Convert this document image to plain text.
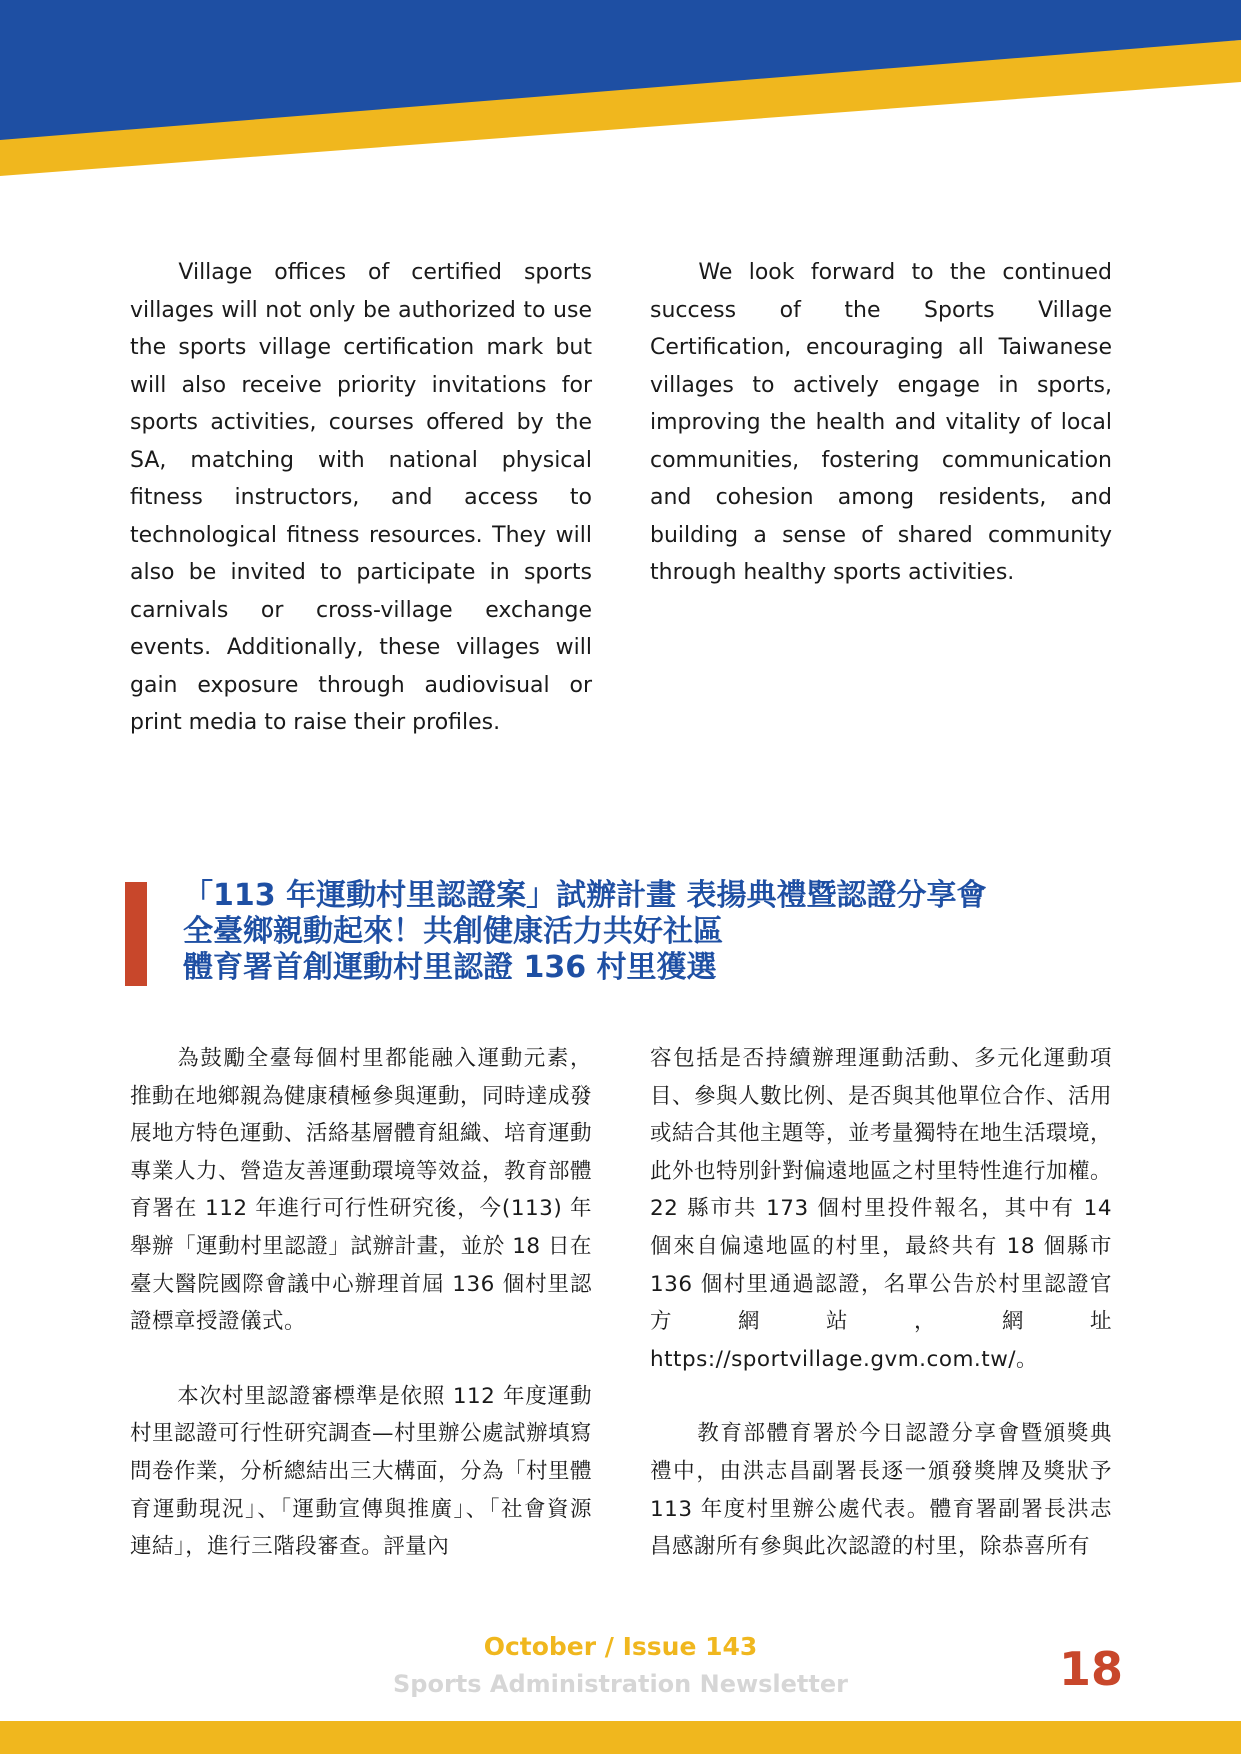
Village offices of certified sports villages will not only be authorized to use the sports village certification mark but will also receive priority invitations for sports activities, courses offered by the SA, matching with national physical fitness instructors, and access to technological fitness resources. They will also be invited to participate in sports carnivals or cross-village exchange events. Additionally, these villages will gain exposure through audiovisual or print media to raise their profiles.

We look forward to the continued success of the Sports Village Certification, encouraging all Taiwanese villages to actively engage in sports, improving the health and vitality of local communities, fostering communication and cohesion among residents, and building a sense of shared community through healthy sports activities.

「113 年運動村里認證案」試辦計畫 表揚典禮暨認證分享會
全臺鄉親動起來！共創健康活力共好社區
體育署首創運動村里認證 136 村里獲選

為鼓勵全臺每個村里都能融入運動元素，推動在地鄉親為健康積極參與運動，同時達成發展地方特色運動、活絡基層體育組織、培育運動專業人力、營造友善運動環境等效益，教育部體育署在 112 年進行可行性研究後，今(113) 年舉辦「運動村里認證」試辦計畫，並於 18 日在臺大醫院國際會議中心辦理首屆 136 個村里認證標章授證儀式。

本次村里認證審標準是依照 112 年度運動村里認證可行性研究調查—村里辦公處試辦填寫問卷作業，分析總結出三大構面，分為「村里體育運動現況」、「運動宣傳與推廣」、「社會資源連結」，進行三階段審查。評量內

容包括是否持續辦理運動活動、多元化運動項目、參與人數比例、是否與其他單位合作、活用或結合其他主題等，並考量獨特在地生活環境，此外也特別針對偏遠地區之村里特性進行加權。22 縣市共 173 個村里投件報名，其中有 14 個來自偏遠地區的村里，最終共有 18 個縣市 136 個村里通過認證，名單公告於村里認證官方網站，網址 https://sportvillage.gvm.com.tw/。

教育部體育署於今日認證分享會暨頒獎典禮中，由洪志昌副署長逐一頒發獎牌及獎狀予 113 年度村里辦公處代表。體育署副署長洪志昌感謝所有參與此次認證的村里，除恭喜所有

October / Issue 143
Sports Administration Newsletter	18
